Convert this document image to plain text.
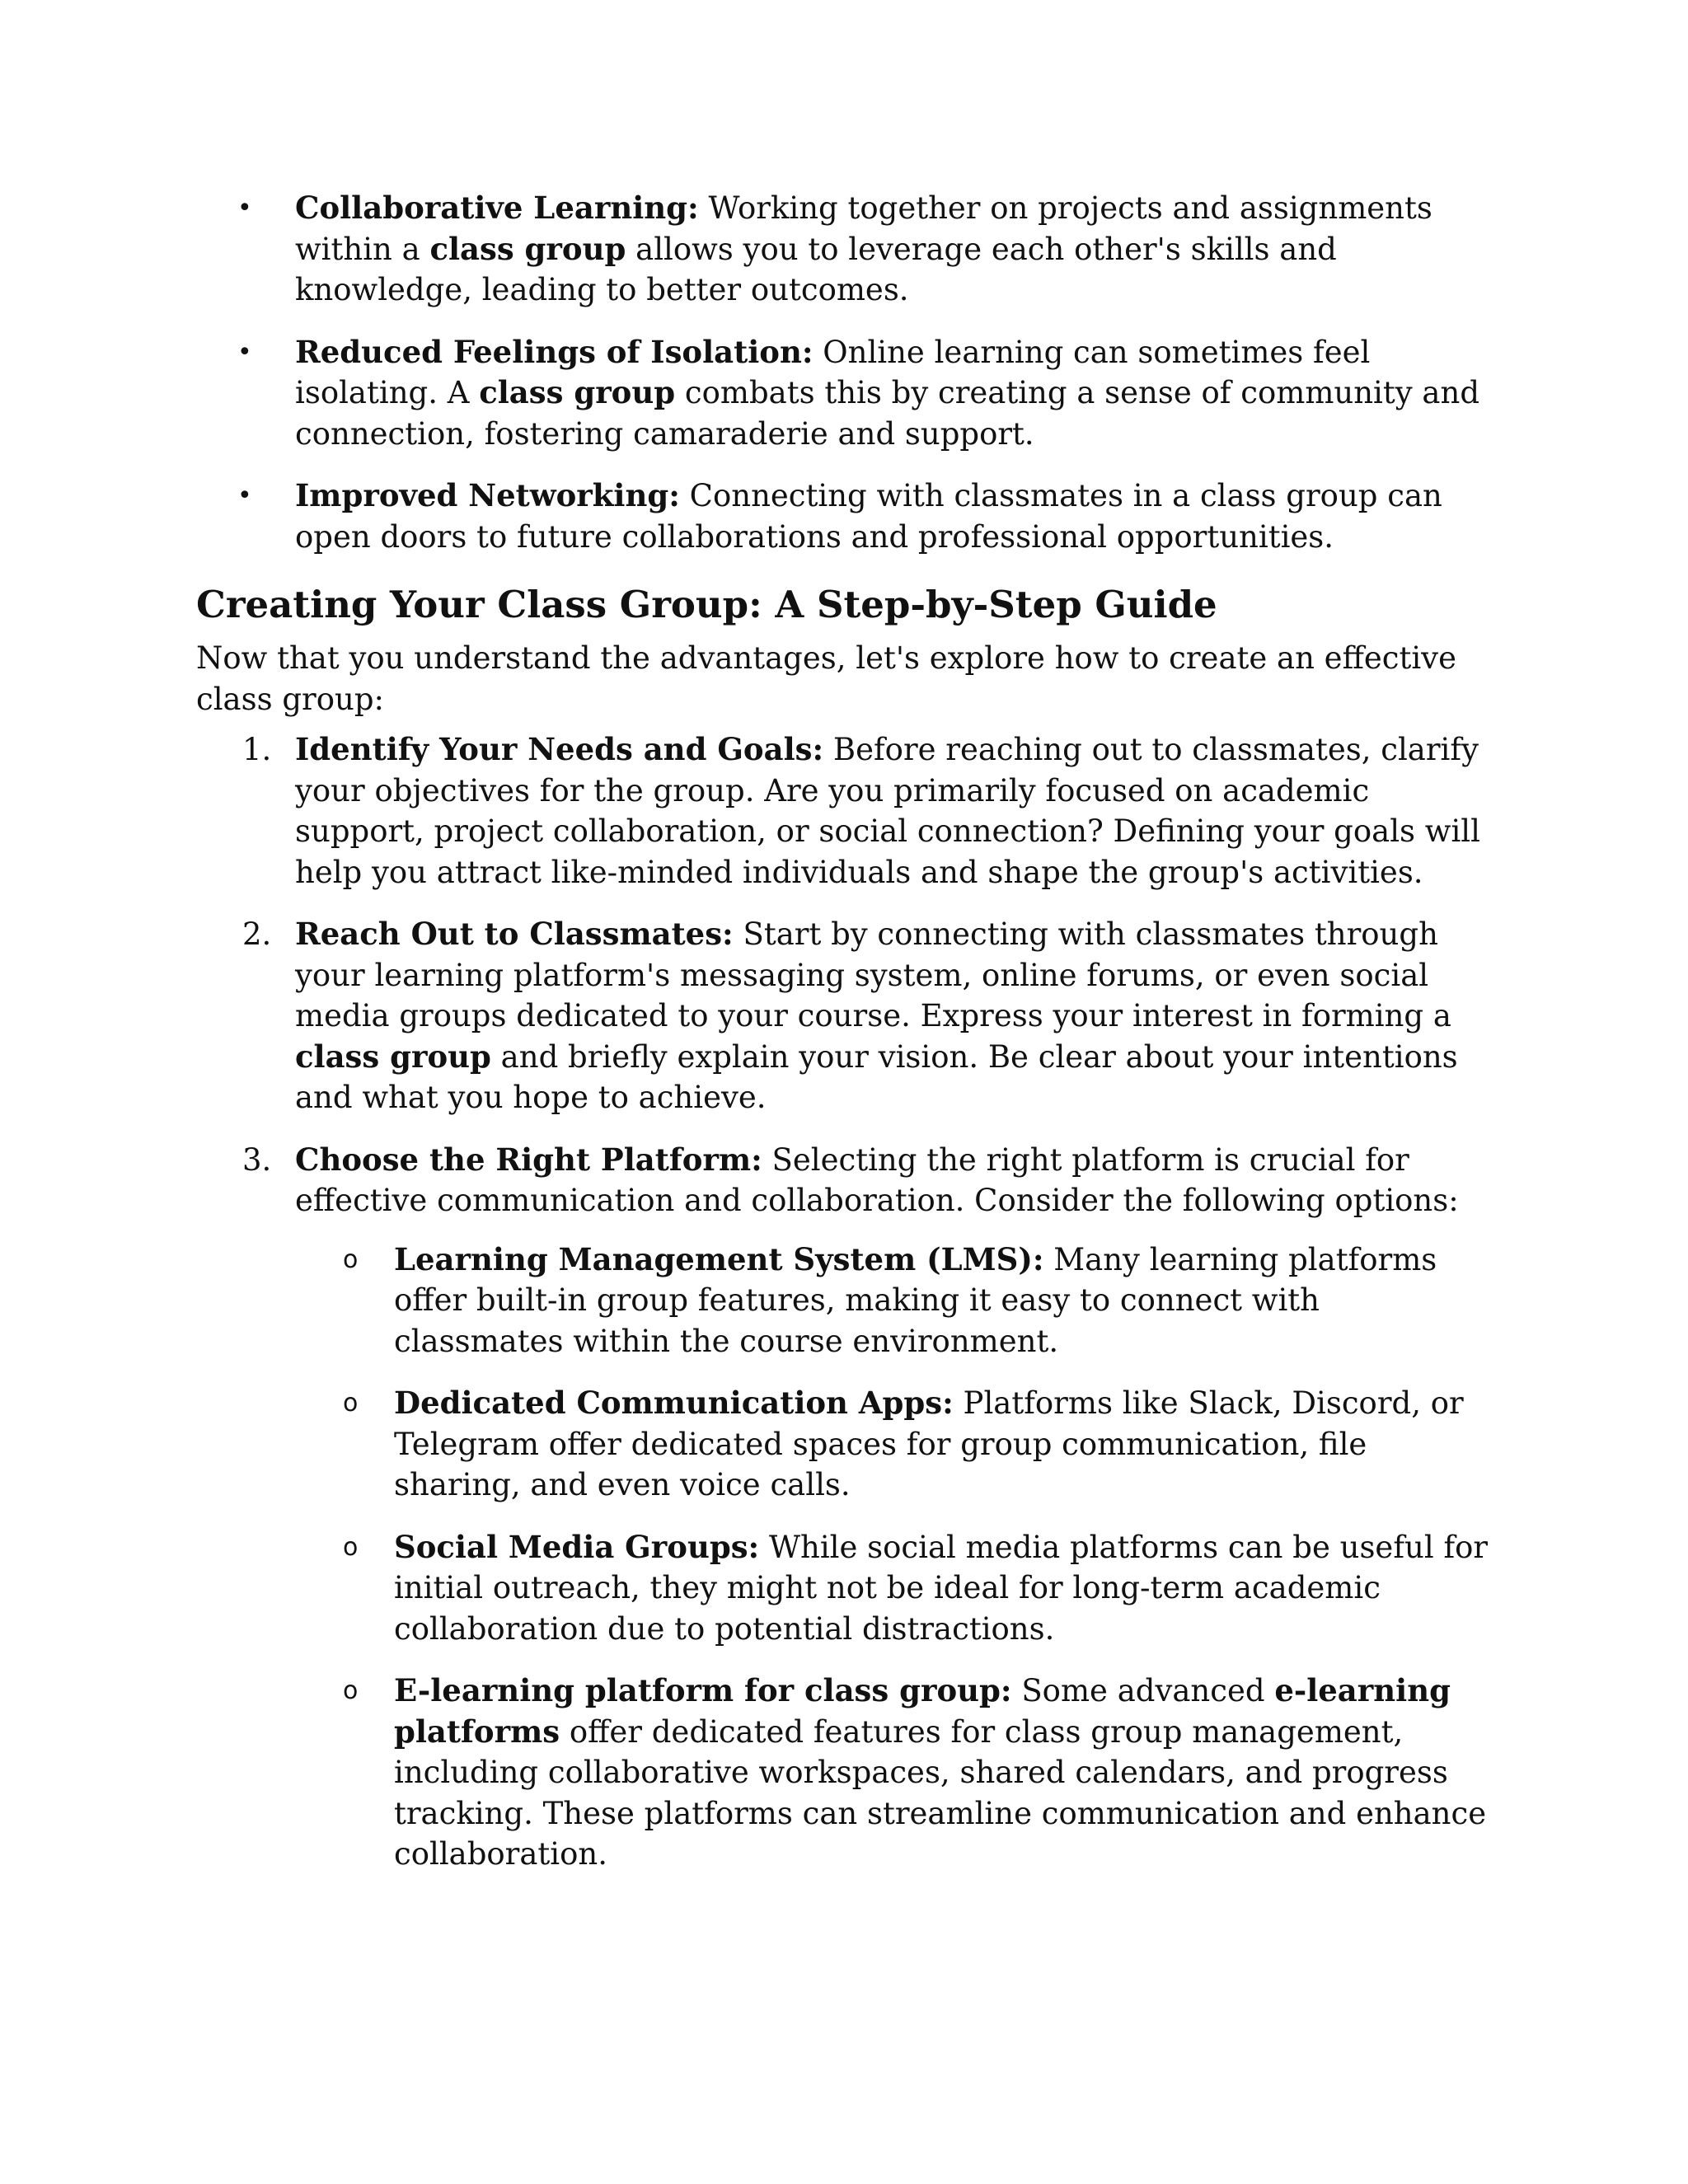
• Collaborative Learning: Working together on projects and assignments within a class group allows you to leverage each other's skills and knowledge, leading to better outcomes.
• Reduced Feelings of Isolation: Online learning can sometimes feel isolating. A class group combats this by creating a sense of community and connection, fostering camaraderie and support.
• Improved Networking: Connecting with classmates in a class group can open doors to future collaborations and professional opportunities.
Creating Your Class Group: A Step-by-Step Guide

Now that you understand the advantages, let's explore how to create an effective class group:

1. Identify Your Needs and Goals: Before reaching out to classmates, clarify your objectives for the group. Are you primarily focused on academic support, project collaboration, or social connection? Defining your goals will help you attract like-minded individuals and shape the group's activities.
2. Reach Out to Classmates: Start by connecting with classmates through your learning platform's messaging system, online forums, or even social media groups dedicated to your course. Express your interest in forming a class group and briefly explain your vision. Be clear about your intentions and what you hope to achieve.
3. Choose the Right Platform: Selecting the right platform is crucial for effective communication and collaboration. Consider the following options:
o Learning Management System (LMS): Many learning platforms offer built-in group features, making it easy to connect with classmates within the course environment.
o Dedicated Communication Apps: Platforms like Slack, Discord, or Telegram offer dedicated spaces for group communication, file sharing, and even voice calls.
o Social Media Groups: While social media platforms can be useful for initial outreach, they might not be ideal for long-term academic collaboration due to potential distractions.
o E-learning platform for class group: Some advanced e-learning platforms offer dedicated features for class group management, including collaborative workspaces, shared calendars, and progress tracking. These platforms can streamline communication and enhance collaboration.
